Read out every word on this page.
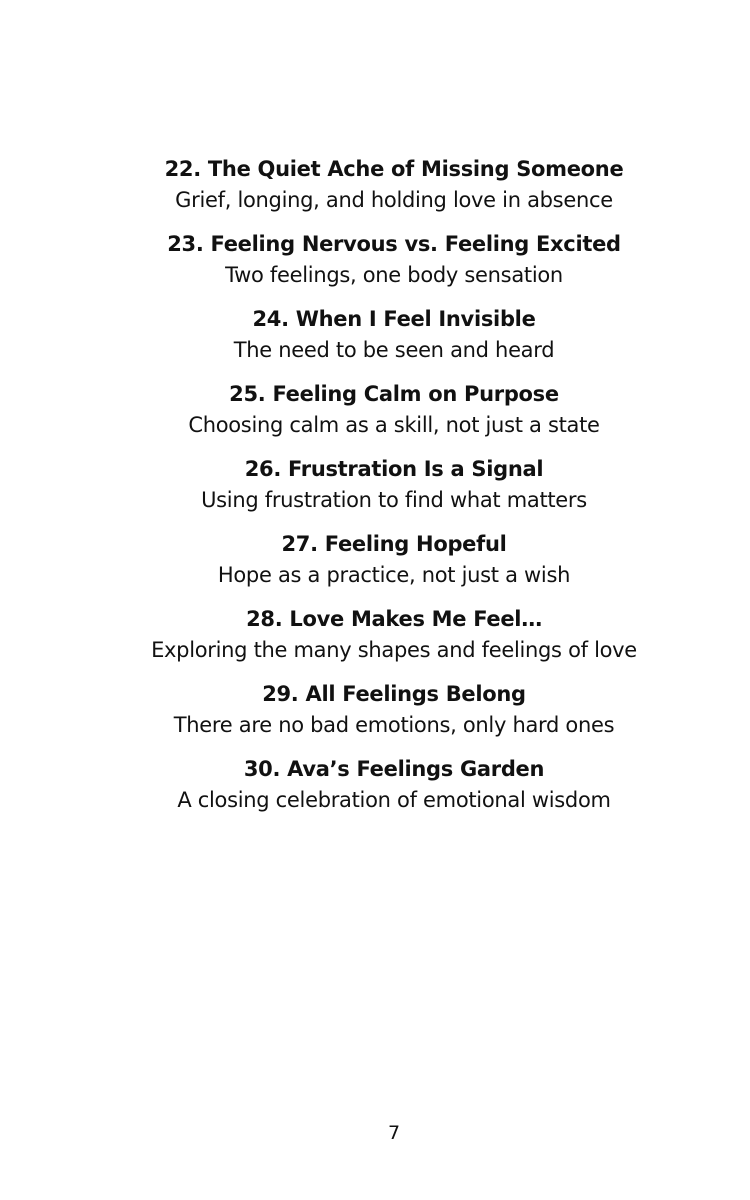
22. The Quiet Ache of Missing Someone

Grief, longing, and holding love in absence

23. Feeling Nervous vs. Feeling Excited

Two feelings, one body sensation

24. When I Feel Invisible

The need to be seen and heard

25. Feeling Calm on Purpose

Choosing calm as a skill, not just a state

26. Frustration Is a Signal

Using frustration to find what matters

27. Feeling Hopeful

Hope as a practice, not just a wish

28. Love Makes Me Feel…

Exploring the many shapes and feelings of love

29. All Feelings Belong

There are no bad emotions, only hard ones

30. Ava’s Feelings Garden

A closing celebration of emotional wisdom

7
